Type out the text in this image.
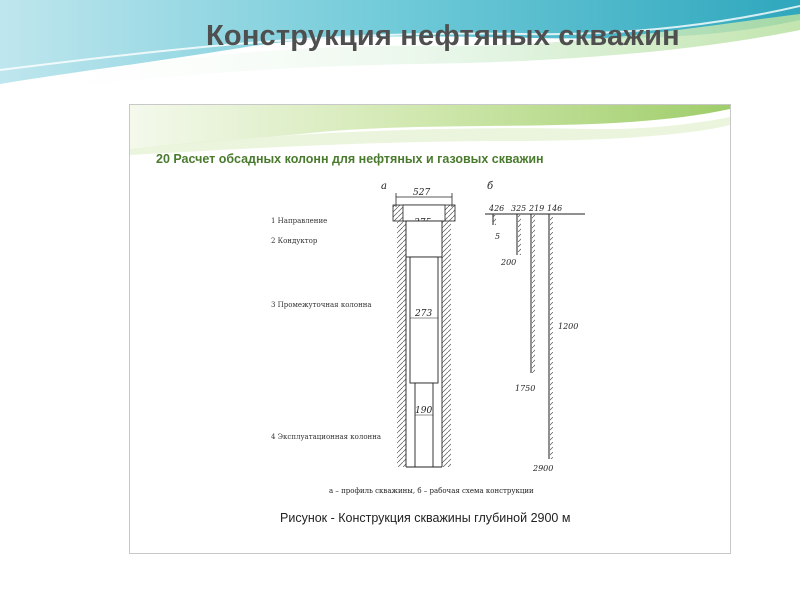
Конструкция нефтяных скважин
20 Расчет обсадных колонн для нефтяных и газовых скважин
а	б
1 Направление
2 Кондуктор
3 Промежуточная колонна
4 Эксплуатационная колонна
527
273
190
426 325 219 146
5
200
1750
1200
2900
а – профиль скважины, б – рабочая схема конструкции
Рисунок - Конструкция скважины глубиной 2900 м
